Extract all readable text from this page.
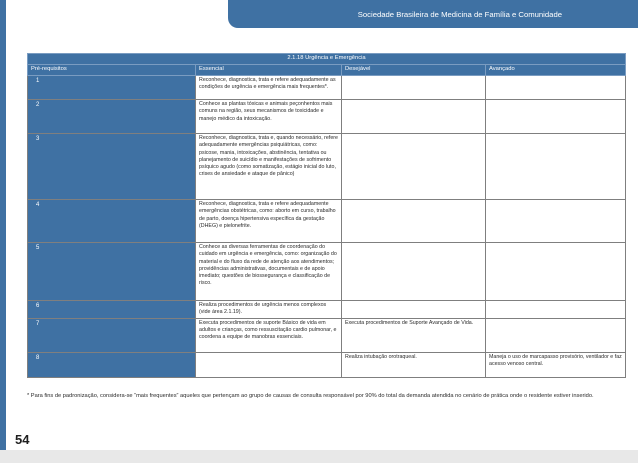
Sociedade Brasileira de Medicina de Família e Comunidade
2.1.18 Urgência e Emergência			
Pré-requisitos	Essencial	Desejável	Avançado
1	Reconhece, diagnostica, trata e refere adequadamente as condições de urgência e emergência mais frequentes*.		
2	Conhece as plantas tóxicas e animais peçonhentos mais comuns na região, seus mecanismos de toxicidade e manejo médico da intoxicação.		
3	Reconhece, diagnostica, trata e, quando necessário, refere adequadamente emergências psiquiátricas, como: psicose, mania, intoxicações, abstinência, tentativa ou planejamento de suicídio e manifestações de sofrimento psíquico agudo (como somatização, estágio inicial do luto, crises de ansiedade e ataque de pânico)		
4	Reconhece, diagnostica, trata e refere adequadamente emergências obstétricas, como: aborto em curso, trabalho de parto, doença hipertensiva específica da gestação (DHEG) e pielonefrite.		
5	Conhece as diversas ferramentas de coordenação do cuidado em urgência e emergência, como: organização do material e do fluxo da rede de atenção aos atendimentos; providências administrativas, documentais e de apoio imediato; questões de biossegurança e classificação de risco.		
6	Realiza procedimentos de urgência menos complexos (vide área 2.1.19).		
7	Executa procedimentos de suporte Básico de vida em adultos e crianças, como ressuscitação cardio pulmonar, e coordena a equipe de manobras essenciais.	Executa procedimentos de Suporte Avançado de Vida.	
8		Realiza intubação orotraqueal.	Maneja o uso de marcapasso provisório, ventilador e faz acesso venoso central.
* Para fins de padronização, considera-se “mais frequentes” aqueles que pertençam ao grupo de causas de consulta responsável por 90% do total da demanda atendida no cenário de prática onde o residente estiver inserido.
54
